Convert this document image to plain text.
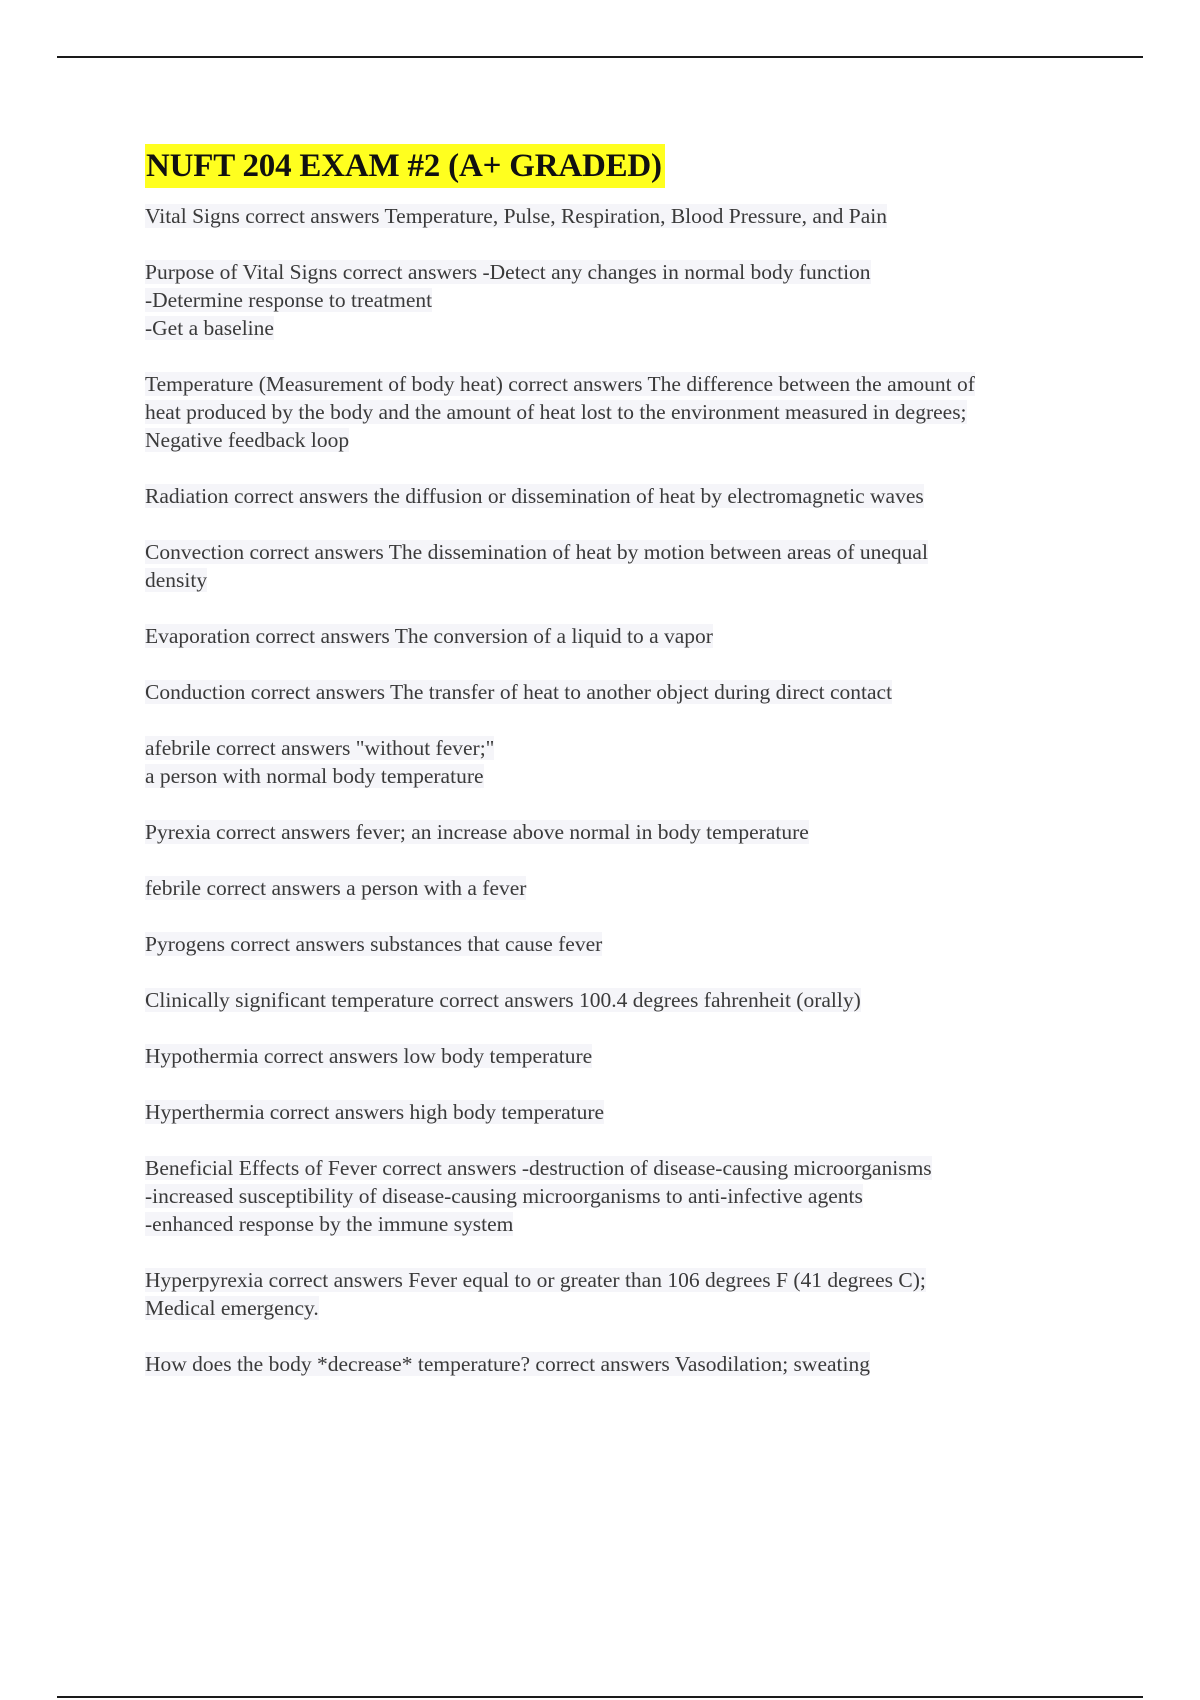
NUFT 204 EXAM #2 (A+ GRADED)
Vital Signs correct answers Temperature, Pulse, Respiration, Blood Pressure, and Pain
Purpose of Vital Signs correct answers -Detect any changes in normal body function
-Determine response to treatment
-Get a baseline
Temperature (Measurement of body heat) correct answers The difference between the amount of
heat produced by the body and the amount of heat lost to the environment measured in degrees;
Negative feedback loop
Radiation correct answers the diffusion or dissemination of heat by electromagnetic waves
Convection correct answers The dissemination of heat by motion between areas of unequal
density
Evaporation correct answers The conversion of a liquid to a vapor
Conduction correct answers The transfer of heat to another object during direct contact
afebrile correct answers "without fever;"
a person with normal body temperature
Pyrexia correct answers fever; an increase above normal in body temperature
febrile correct answers a person with a fever
Pyrogens correct answers substances that cause fever
Clinically significant temperature correct answers 100.4 degrees fahrenheit (orally)
Hypothermia correct answers low body temperature
Hyperthermia correct answers high body temperature
Beneficial Effects of Fever correct answers -destruction of disease-causing microorganisms
-increased susceptibility of disease-causing microorganisms to anti-infective agents
-enhanced response by the immune system
Hyperpyrexia correct answers Fever equal to or greater than 106 degrees F (41 degrees C);
Medical emergency.
How does the body *decrease* temperature? correct answers Vasodilation; sweating
